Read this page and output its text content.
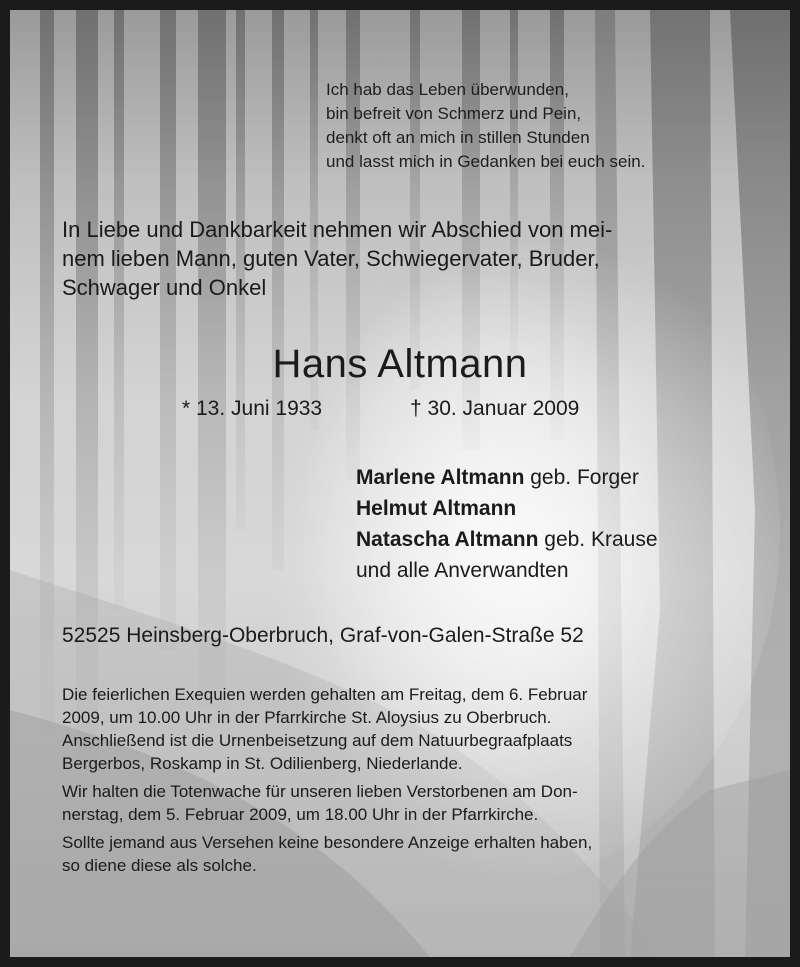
Ich hab das Leben überwunden,
bin befreit von Schmerz und Pein,
denkt oft an mich in stillen Stunden
und lasst mich in Gedanken bei euch sein.
In Liebe und Dankbarkeit nehmen wir Abschied von mei-
nem lieben Mann, guten Vater, Schwiegervater, Bruder,
Schwager und Onkel
Hans Altmann
* 13. Juni 1933	† 30. Januar 2009
Marlene Altmann geb. Forger
Helmut Altmann
Natascha Altmann geb. Krause
und alle Anverwandten
52525 Heinsberg-Oberbruch, Graf-von-Galen-Straße 52
Die feierlichen Exequien werden gehalten am Freitag, dem 6. Februar
2009, um 10.00 Uhr in der Pfarrkirche St. Aloysius zu Oberbruch.
Anschließend ist die Urnenbeisetzung auf dem Natuurbegraafplaats
Bergerbos, Roskamp in St. Odilienberg, Niederlande.
Wir halten die Totenwache für unseren lieben Verstorbenen am Don-
nerstag, dem 5. Februar 2009, um 18.00 Uhr in der Pfarrkirche.
Sollte jemand aus Versehen keine besondere Anzeige erhalten haben,
so diene diese als solche.
